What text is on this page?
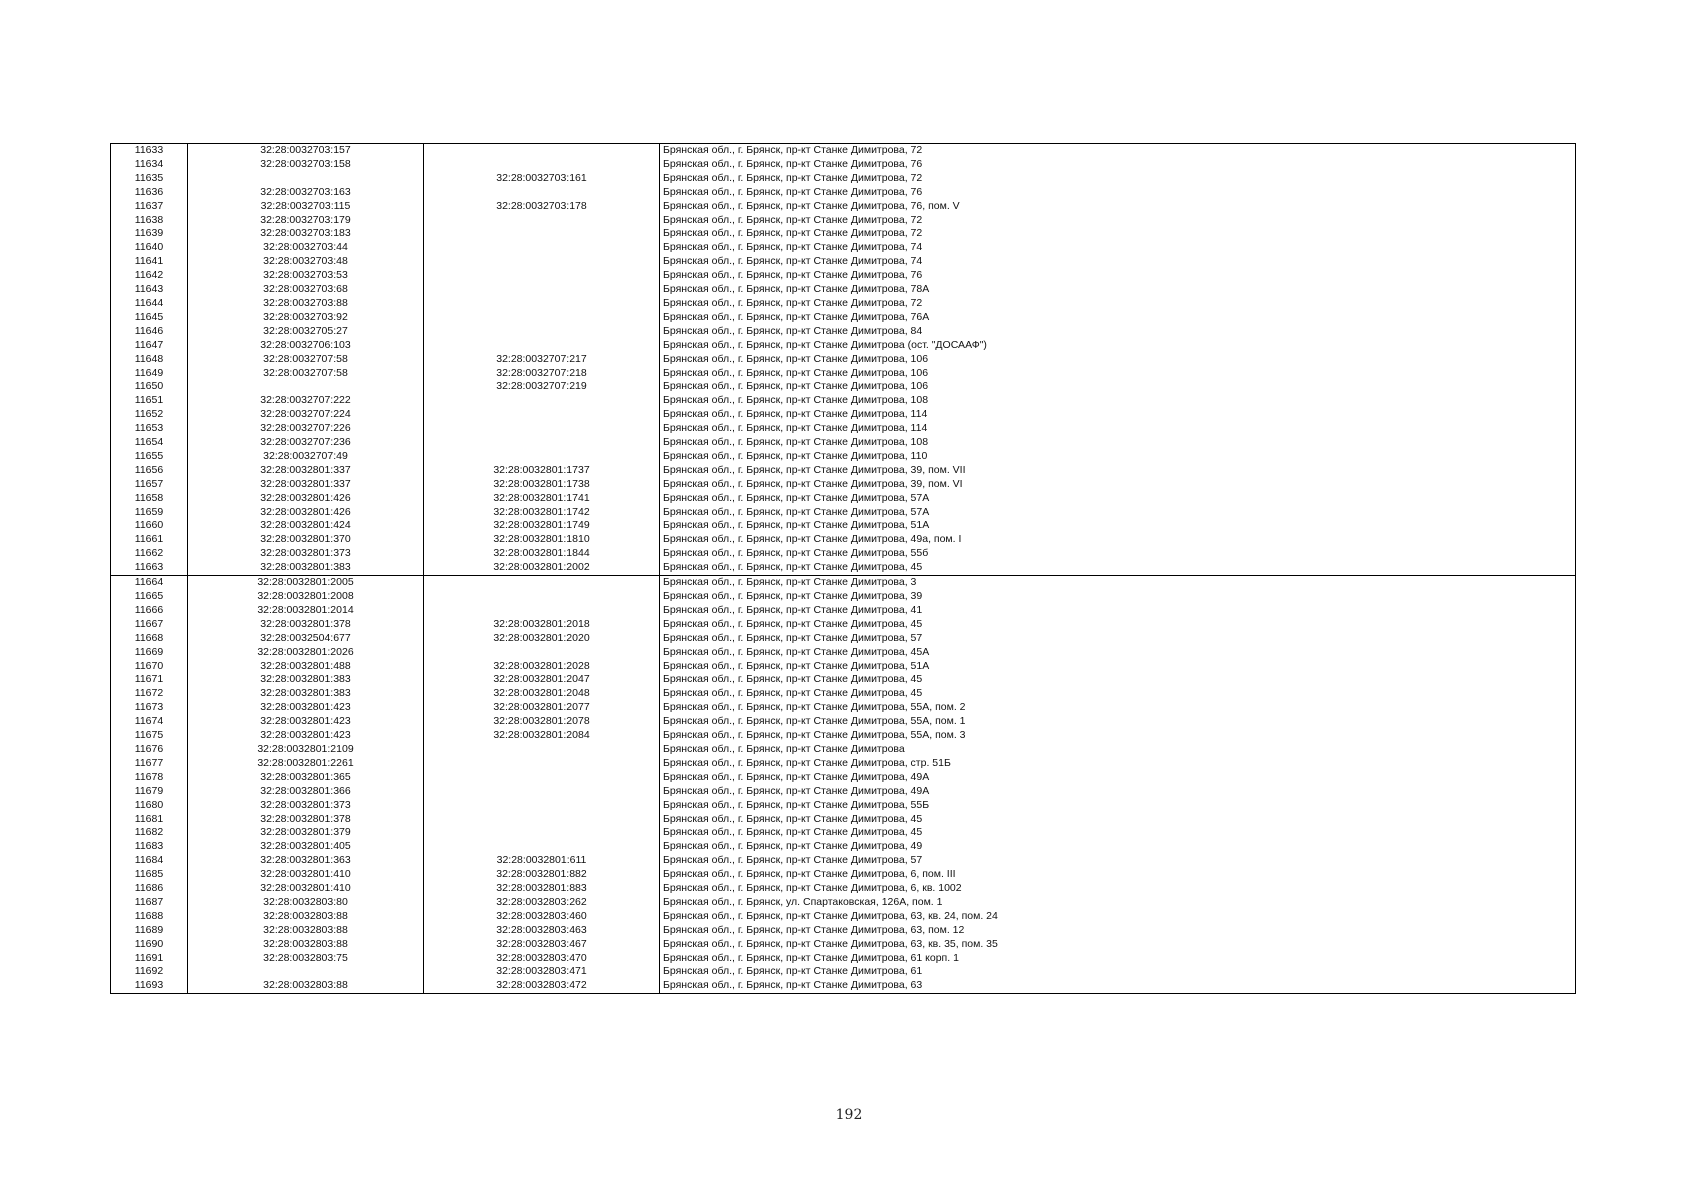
11633	32:28:0032703:157		Брянская обл., г. Брянск, пр-кт Станке Димитрова, 72
11634	32:28:0032703:158		Брянская обл., г. Брянск, пр-кт Станке Димитрова, 76
11635		32:28:0032703:161	Брянская обл., г. Брянск, пр-кт Станке Димитрова, 72
11636	32:28:0032703:163		Брянская обл., г. Брянск, пр-кт Станке Димитрова, 76
11637	32:28:0032703:115	32:28:0032703:178	Брянская обл., г. Брянск, пр-кт Станке Димитрова, 76, пом. V
11638	32:28:0032703:179		Брянская обл., г. Брянск, пр-кт Станке Димитрова, 72
11639	32:28:0032703:183		Брянская обл., г. Брянск, пр-кт Станке Димитрова, 72
11640	32:28:0032703:44		Брянская обл., г. Брянск, пр-кт Станке Димитрова, 74
11641	32:28:0032703:48		Брянская обл., г. Брянск, пр-кт Станке Димитрова, 74
11642	32:28:0032703:53		Брянская обл., г. Брянск, пр-кт Станке Димитрова, 76
11643	32:28:0032703:68		Брянская обл., г. Брянск, пр-кт Станке Димитрова, 78А
11644	32:28:0032703:88		Брянская обл., г. Брянск, пр-кт Станке Димитрова, 72
11645	32:28:0032703:92		Брянская обл., г. Брянск, пр-кт Станке Димитрова, 76А
11646	32:28:0032705:27		Брянская обл., г. Брянск, пр-кт Станке Димитрова, 84
11647	32:28:0032706:103		Брянская обл., г. Брянск, пр-кт Станке Димитрова (ост. "ДОСААФ")
11648	32:28:0032707:58	32:28:0032707:217	Брянская обл., г. Брянск, пр-кт Станке Димитрова, 106
11649	32:28:0032707:58	32:28:0032707:218	Брянская обл., г. Брянск, пр-кт Станке Димитрова, 106
11650		32:28:0032707:219	Брянская обл., г. Брянск, пр-кт Станке Димитрова, 106
11651	32:28:0032707:222		Брянская обл., г. Брянск, пр-кт Станке Димитрова, 108
11652	32:28:0032707:224		Брянская обл., г. Брянск, пр-кт Станке Димитрова, 114
11653	32:28:0032707:226		Брянская обл., г. Брянск, пр-кт Станке Димитрова, 114
11654	32:28:0032707:236		Брянская обл., г. Брянск, пр-кт Станке Димитрова, 108
11655	32:28:0032707:49		Брянская обл., г. Брянск, пр-кт Станке Димитрова, 110
11656	32:28:0032801:337	32:28:0032801:1737	Брянская обл., г. Брянск, пр-кт Станке Димитрова, 39, пом. VII
11657	32:28:0032801:337	32:28:0032801:1738	Брянская обл., г. Брянск, пр-кт Станке Димитрова, 39, пом. VI
11658	32:28:0032801:426	32:28:0032801:1741	Брянская обл., г. Брянск, пр-кт Станке Димитрова, 57А
11659	32:28:0032801:426	32:28:0032801:1742	Брянская обл., г. Брянск, пр-кт Станке Димитрова, 57А
11660	32:28:0032801:424	32:28:0032801:1749	Брянская обл., г. Брянск, пр-кт Станке Димитрова, 51А
11661	32:28:0032801:370	32:28:0032801:1810	Брянская обл., г. Брянск, пр-кт Станке Димитрова, 49а, пом. I
11662	32:28:0032801:373	32:28:0032801:1844	Брянская обл., г. Брянск, пр-кт Станке Димитрова, 55б
11663	32:28:0032801:383	32:28:0032801:2002	Брянская обл., г. Брянск, пр-кт Станке Димитрова, 45
11664	32:28:0032801:2005		Брянская обл., г. Брянск, пр-кт Станке Димитрова, 3
11665	32:28:0032801:2008		Брянская обл., г. Брянск, пр-кт Станке Димитрова, 39
11666	32:28:0032801:2014		Брянская обл., г. Брянск, пр-кт Станке Димитрова, 41
11667	32:28:0032801:378	32:28:0032801:2018	Брянская обл., г. Брянск, пр-кт Станке Димитрова, 45
11668	32:28:0032504:677	32:28:0032801:2020	Брянская обл., г. Брянск, пр-кт Станке Димитрова, 57
11669	32:28:0032801:2026		Брянская обл., г. Брянск, пр-кт Станке Димитрова, 45А
11670	32:28:0032801:488	32:28:0032801:2028	Брянская обл., г. Брянск, пр-кт Станке Димитрова, 51А
11671	32:28:0032801:383	32:28:0032801:2047	Брянская обл., г. Брянск, пр-кт Станке Димитрова, 45
11672	32:28:0032801:383	32:28:0032801:2048	Брянская обл., г. Брянск, пр-кт Станке Димитрова, 45
11673	32:28:0032801:423	32:28:0032801:2077	Брянская обл., г. Брянск, пр-кт Станке Димитрова, 55А, пом. 2
11674	32:28:0032801:423	32:28:0032801:2078	Брянская обл., г. Брянск, пр-кт Станке Димитрова, 55А, пом. 1
11675	32:28:0032801:423	32:28:0032801:2084	Брянская обл., г. Брянск, пр-кт Станке Димитрова, 55А, пом. 3
11676	32:28:0032801:2109		Брянская обл., г. Брянск, пр-кт Станке Димитрова
11677	32:28:0032801:2261		Брянская обл., г. Брянск, пр-кт Станке Димитрова, стр. 51Б
11678	32:28:0032801:365		Брянская обл., г. Брянск, пр-кт Станке Димитрова, 49А
11679	32:28:0032801:366		Брянская обл., г. Брянск, пр-кт Станке Димитрова, 49А
11680	32:28:0032801:373		Брянская обл., г. Брянск, пр-кт Станке Димитрова, 55Б
11681	32:28:0032801:378		Брянская обл., г. Брянск, пр-кт Станке Димитрова, 45
11682	32:28:0032801:379		Брянская обл., г. Брянск, пр-кт Станке Димитрова, 45
11683	32:28:0032801:405		Брянская обл., г. Брянск, пр-кт Станке Димитрова, 49
11684	32:28:0032801:363	32:28:0032801:611	Брянская обл., г. Брянск, пр-кт Станке Димитрова, 57
11685	32:28:0032801:410	32:28:0032801:882	Брянская обл., г. Брянск, пр-кт Станке Димитрова, 6, пом. III
11686	32:28:0032801:410	32:28:0032801:883	Брянская обл., г. Брянск, пр-кт Станке Димитрова, 6, кв. 1002
11687	32:28:0032803:80	32:28:0032803:262	Брянская обл., г. Брянск, ул. Спартаковская, 126А, пом. 1
11688	32:28:0032803:88	32:28:0032803:460	Брянская обл., г. Брянск, пр-кт Станке Димитрова, 63, кв. 24, пом. 24
11689	32:28:0032803:88	32:28:0032803:463	Брянская обл., г. Брянск, пр-кт Станке Димитрова, 63, пом. 12
11690	32:28:0032803:88	32:28:0032803:467	Брянская обл., г. Брянск, пр-кт Станке Димитрова, 63, кв. 35, пом. 35
11691	32:28:0032803:75	32:28:0032803:470	Брянская обл., г. Брянск, пр-кт Станке Димитрова, 61 корп. 1
11692		32:28:0032803:471	Брянская обл., г. Брянск, пр-кт Станке Димитрова, 61
11693	32:28:0032803:88	32:28:0032803:472	Брянская обл., г. Брянск, пр-кт Станке Димитрова, 63
192
